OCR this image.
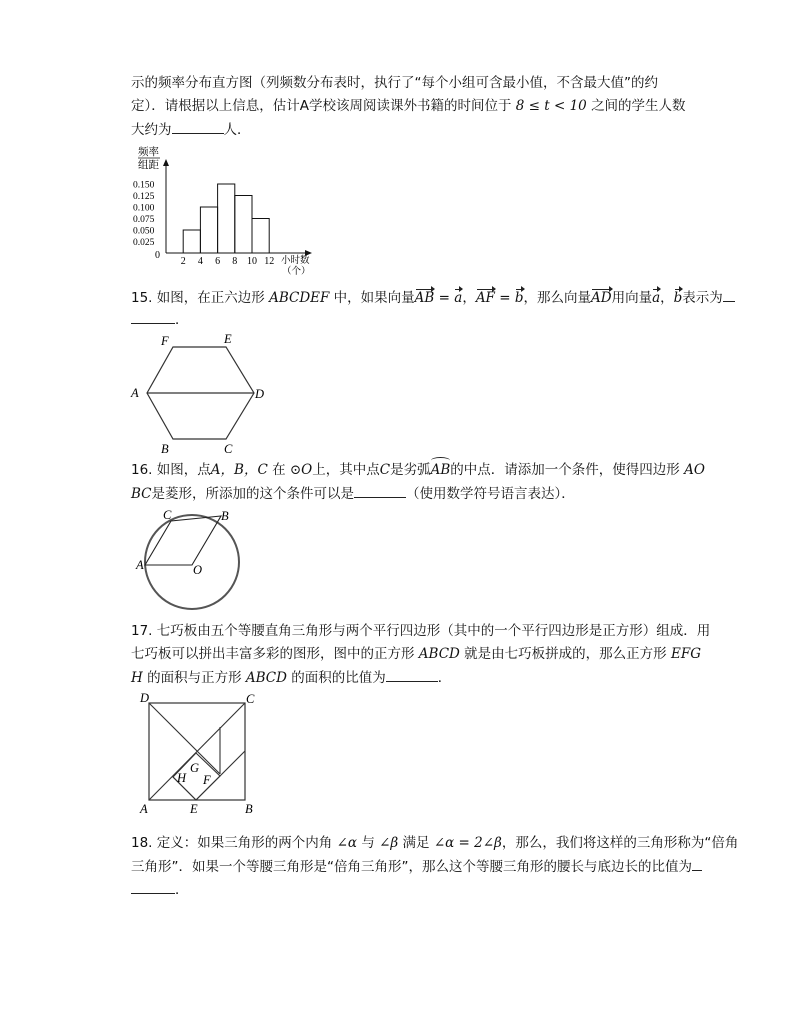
示的频率分布直方图（列频数分布表时，执行了“每个小组可含最小值，不含最大值”的约
定）．请根据以上信息，估计A学校该周阅读课外书籍的时间位于 8 ≤ t < 10 之间的学生人数
大约为	人．
频率
组距
0
0.150
0.125
0.100
0.075
0.050
0.025
2 4 6 8 10 12 小时数
（个）
15. 如图，在正六边形 ABCDEF 中，如果向量AB = a，AF = b，那么向量AD用向量a，b表示为
．
A
B	C
D
E
F
16. 如图，点A，B，C 在 ⊙O上，其中点C是劣弧AB的中点．请添加一个条件，使得四边形 AO
BC是菱形，所添加的这个条件可以是	（使用数学符号语言表达）．
A
C	B
O
17. 七巧板由五个等腰直角三角形与两个平行四边形（其中的一个平行四边形是正方形）组成．用
七巧板可以拼出丰富多彩的图形，图中的正方形 ABCD 就是由七巧板拼成的，那么正方形 EFG
H 的面积与正方形 ABCD 的面积的比值为	．
D	C
A	B
E
F
G
H
18. 定义：如果三角形的两个内角 ∠α 与 ∠β 满足 ∠α = 2∠β，那么，我们将这样的三角形称为“倍角
三角形”．如果一个等腰三角形是“倍角三角形”，那么这个等腰三角形的腰长与底边长的比值为
．
